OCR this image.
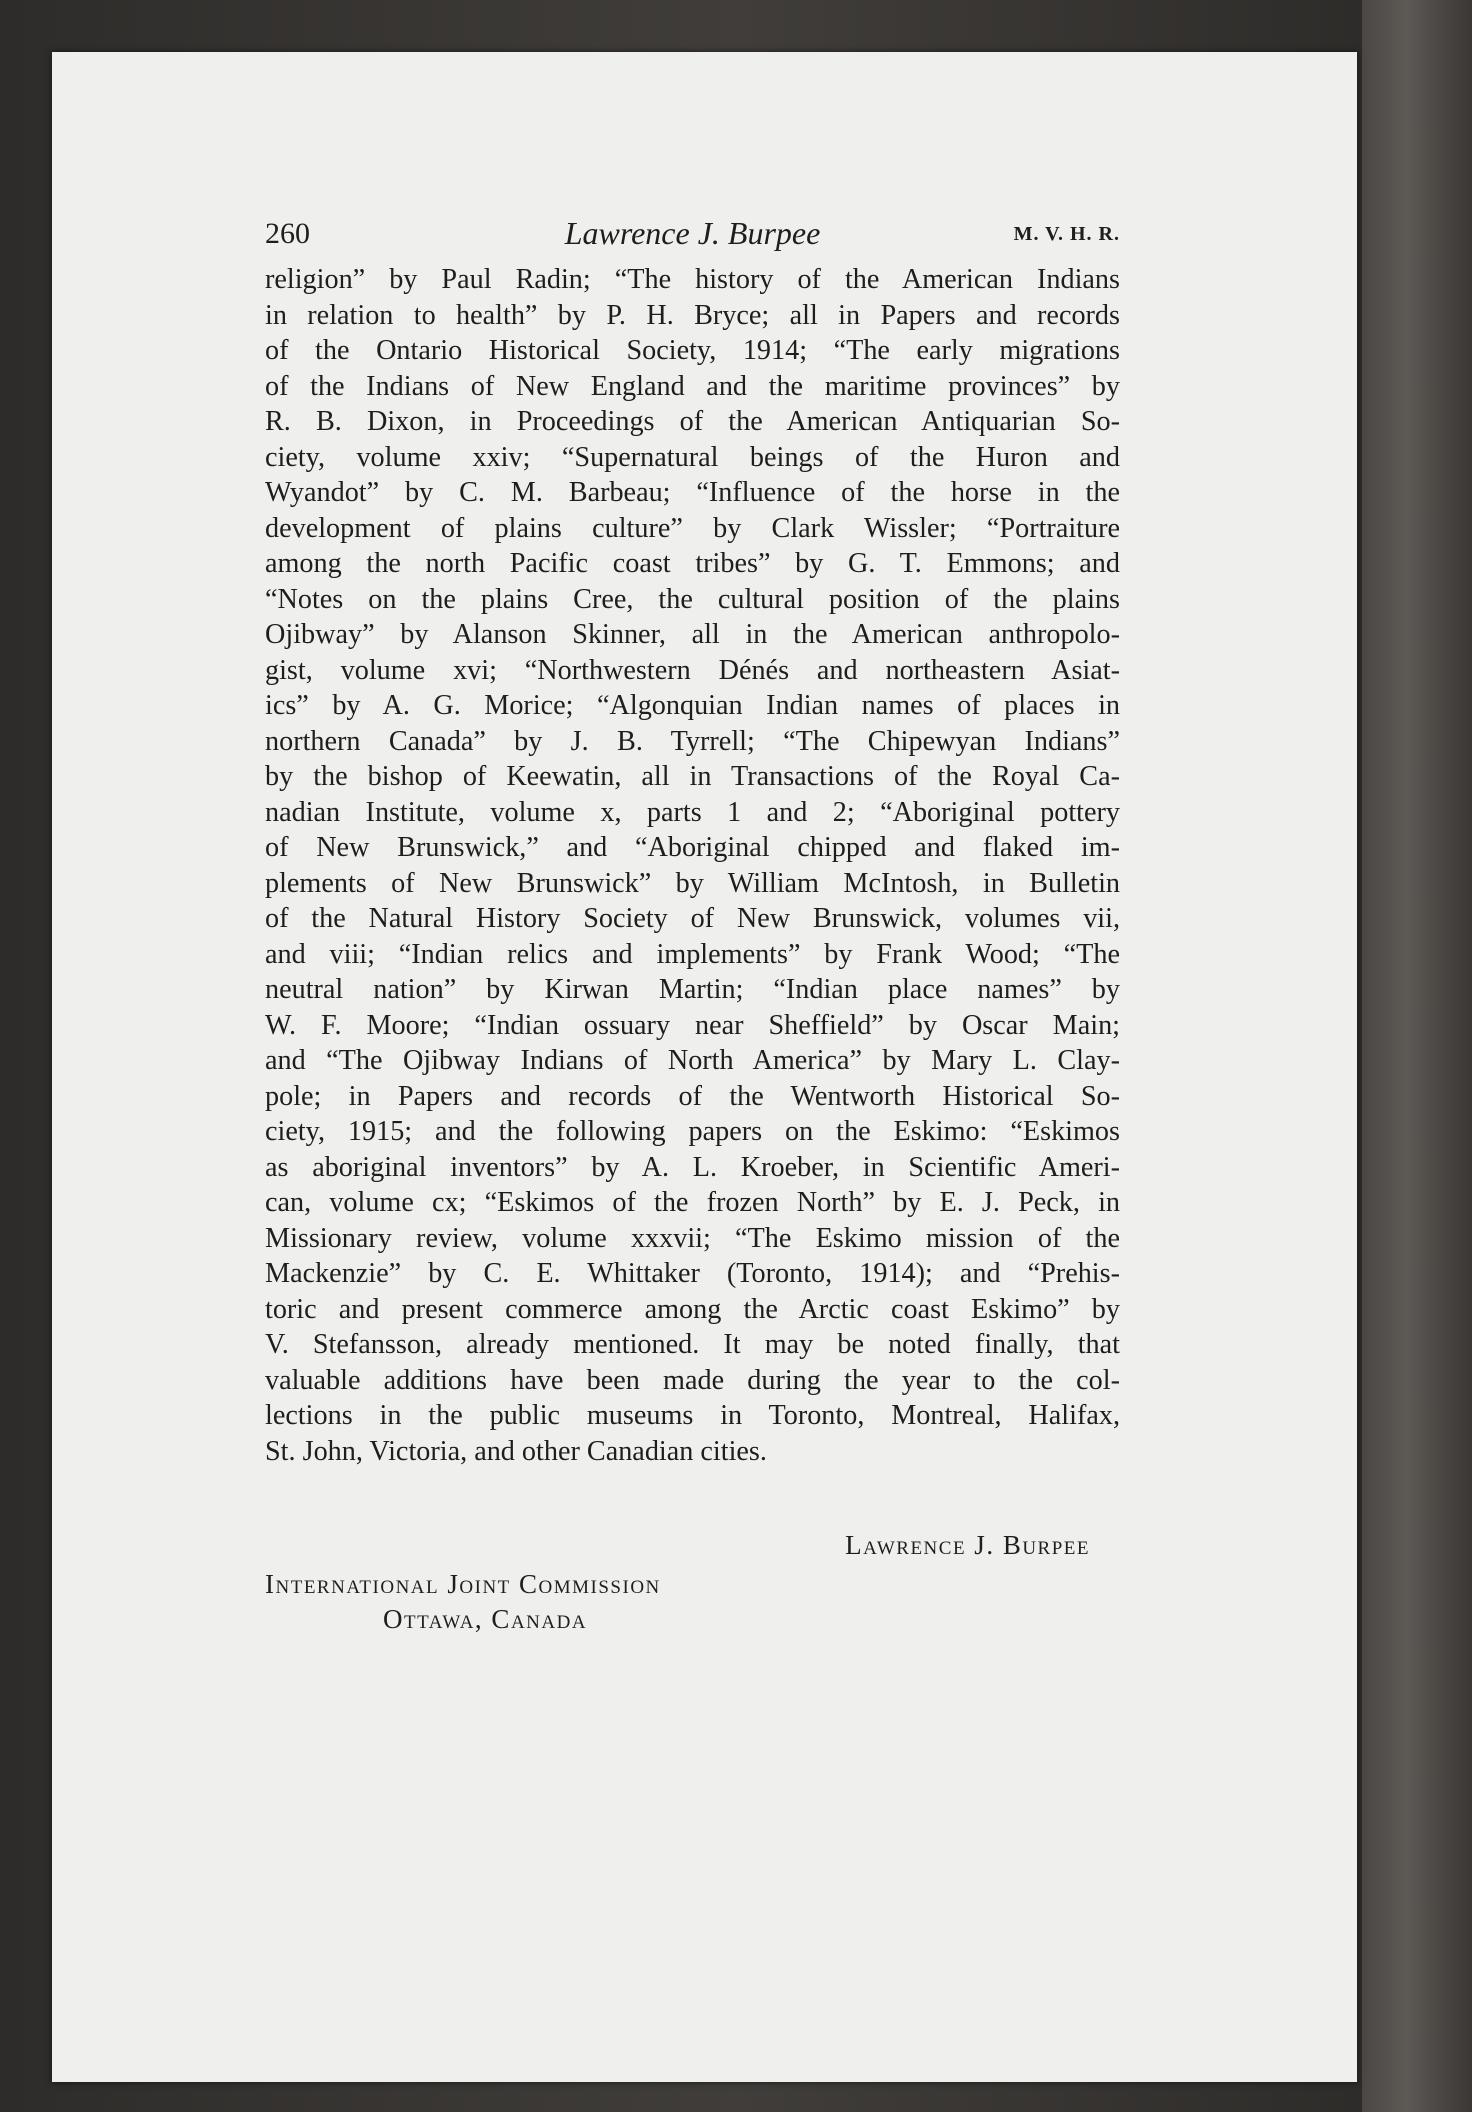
260	Lawrence J. Burpee	M. V. H. R.
religion” by Paul Radin; “The history of the American Indians
in relation to health” by P. H. Bryce; all in Papers and records
of the Ontario Historical Society, 1914; “The early migrations
of the Indians of New England and the maritime provinces” by
R. B. Dixon, in Proceedings of the American Antiquarian So-
ciety, volume xxiv; “Supernatural beings of the Huron and
Wyandot” by C. M. Barbeau; “Influence of the horse in the
development of plains culture” by Clark Wissler; “Portraiture
among the north Pacific coast tribes” by G. T. Emmons; and
“Notes on the plains Cree, the cultural position of the plains
Ojibway” by Alanson Skinner, all in the American anthropolo-
gist, volume xvi; “Northwestern Dénés and northeastern Asiat-
ics” by A. G. Morice; “Algonquian Indian names of places in
northern Canada” by J. B. Tyrrell; “The Chipewyan Indians”
by the bishop of Keewatin, all in Transactions of the Royal Ca-
nadian Institute, volume x, parts 1 and 2; “Aboriginal pottery
of New Brunswick,” and “Aboriginal chipped and flaked im-
plements of New Brunswick” by William McIntosh, in Bulletin
of the Natural History Society of New Brunswick, volumes vii,
and viii; “Indian relics and implements” by Frank Wood; “The
neutral nation” by Kirwan Martin; “Indian place names” by
W. F. Moore; “Indian ossuary near Sheffield” by Oscar Main;
and “The Ojibway Indians of North America” by Mary L. Clay-
pole; in Papers and records of the Wentworth Historical So-
ciety, 1915; and the following papers on the Eskimo: “Eskimos
as aboriginal inventors” by A. L. Kroeber, in Scientific Ameri-
can, volume cx; “Eskimos of the frozen North” by E. J. Peck, in
Missionary review, volume xxxvii; “The Eskimo mission of the
Mackenzie” by C. E. Whittaker (Toronto, 1914); and “Prehis-
toric and present commerce among the Arctic coast Eskimo” by
V. Stefansson, already mentioned. It may be noted finally, that
valuable additions have been made during the year to the col-
lections in the public museums in Toronto, Montreal, Halifax,
St. John, Victoria, and other Canadian cities.
Lawrence J. Burpee
International Joint Commission
Ottawa, Canada
